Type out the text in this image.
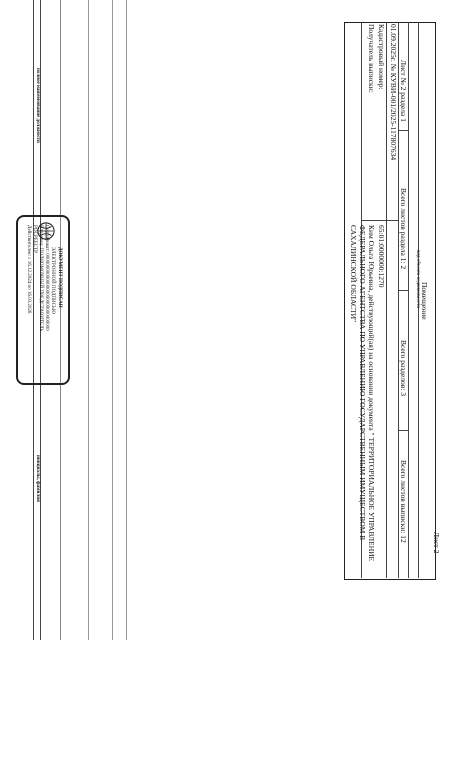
Лист 2
Помещение
вид объекта недвижимости
Лист № 2 раздела 1
Всего листов раздела 1: 2
Всего разделов: 3
Всего листов выписки: 12
01.09.2025г. № КУВИ-001/2025-117807634
Кадастровый номер:
65:01:0000000:1270
Получатель выписки:
Ким Ольга Юрьевна, действующий(ая) на основании документа " ТЕРРИТОРИАЛЬНОЕ УПРАВЛЕНИЕ
ФЕДЕРАЛЬНОГО АГЕНТСТВА ПО УПРАВЛЕНИЮ ГОСУДАРСТВЕННЫМ ИМУЩЕСТВОМ В
САХАЛИНСКОЙ ОБЛАСТИ"
полное наименование должности
инициалы, фамилия
ДОКУМЕНТ ПОДПИСАН
ЭЛЕКТРОННОЙ ПОДПИСЬЮ
Сертификат: 0000000000000000000000000000000
Владелец: ПОЛНОМОЧНЫЙ ПРЕДСТАВИТЕЛЬ
РОСРЕЕСТР
Действителен: с 16.12.2024 по 16.03.2026
